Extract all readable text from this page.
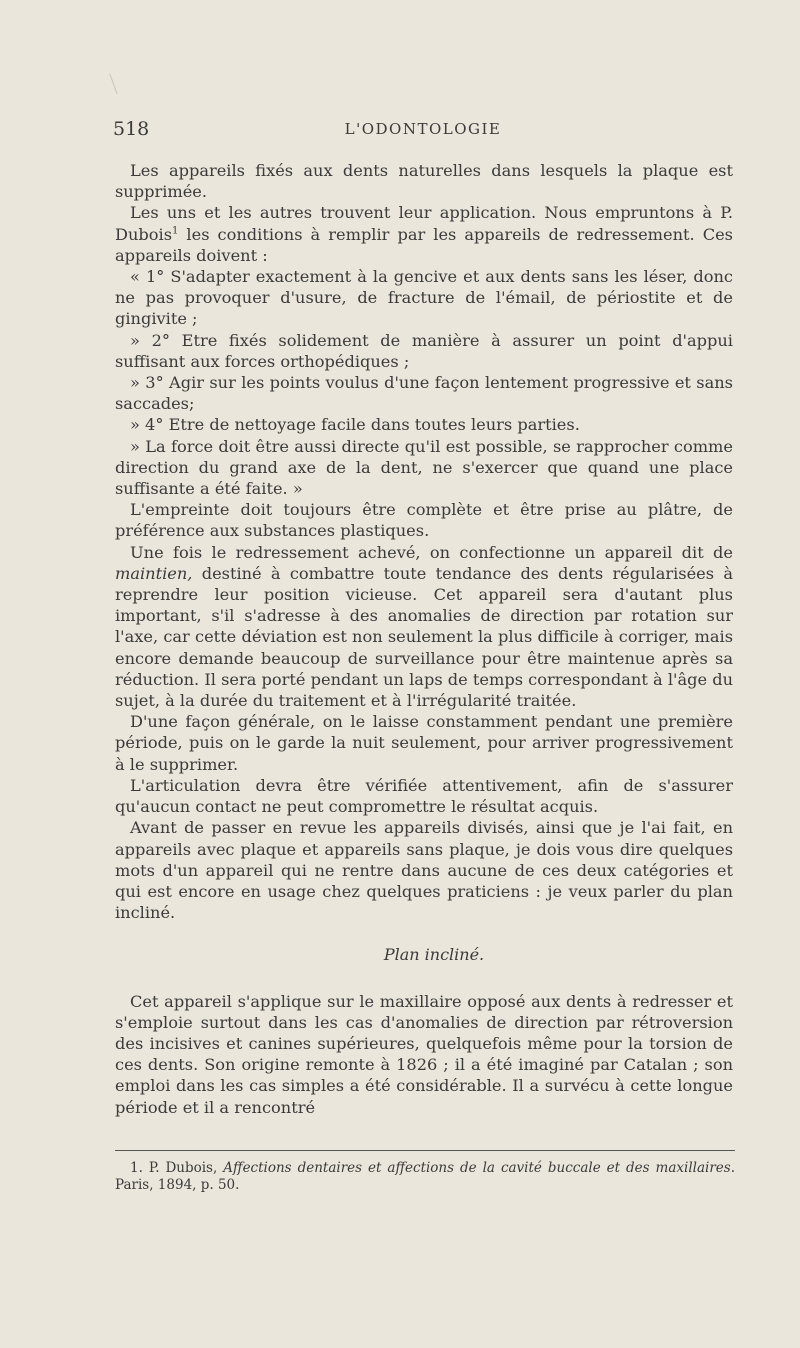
518	L'ODONTOLOGIE

Les appareils fixés aux dents naturelles dans lesquels la plaque est supprimée.

Les uns et les autres trouvent leur application. Nous empruntons à P. Dubois$^1$ les conditions à remplir par les appareils de redressement. Ces appareils doivent :

« 1° S'adapter exactement à la gencive et aux dents sans les léser, donc ne pas provoquer d'usure, de fracture de l'émail, de périostite et de gingivite ;

» 2° Etre fixés solidement de manière à assurer un point d'appui suffisant aux forces orthopédiques ;

» 3° Agir sur les points voulus d'une façon lentement progressive et sans saccades;

» 4° Etre de nettoyage facile dans toutes leurs parties.

» La force doit être aussi directe qu'il est possible, se rapprocher comme direction du grand axe de la dent, ne s'exercer que quand une place suffisante a été faite. »

L'empreinte doit toujours être complète et être prise au plâtre, de préférence aux substances plastiques.

Une fois le redressement achevé, on confectionne un appareil dit de maintien, destiné à combattre toute tendance des dents régularisées à reprendre leur position vicieuse. Cet appareil sera d'autant plus important, s'il s'adresse à des anomalies de direction par rotation sur l'axe, car cette déviation est non seulement la plus difficile à corriger, mais encore demande beaucoup de surveillance pour être maintenue après sa réduction. Il sera porté pendant un laps de temps correspondant à l'âge du sujet, à la durée du traitement et à l'irrégularité traitée.

D'une façon générale, on le laisse constamment pendant une première période, puis on le garde la nuit seulement, pour arriver progressivement à le supprimer.

L'articulation devra être vérifiée attentivement, afin de s'assurer qu'aucun contact ne peut compromettre le résultat acquis.

Avant de passer en revue les appareils divisés, ainsi que je l'ai fait, en appareils avec plaque et appareils sans plaque, je dois vous dire quelques mots d'un appareil qui ne rentre dans aucune de ces deux catégories et qui est encore en usage chez quelques praticiens : je veux parler du plan incliné.

Plan incliné.

Cet appareil s'applique sur le maxillaire opposé aux dents à redresser et s'emploie surtout dans les cas d'anomalies de direction par rétroversion des incisives et canines supérieures, quelquefois même pour la torsion de ces dents. Son origine remonte à 1826 ; il a été imaginé par Catalan ; son emploi dans les cas simples a été considérable. Il a survécu à cette longue période et il a rencontré

1. P. Dubois, Affections dentaires et affections de la cavité buccale et des maxillaires. Paris, 1894, p. 50.
